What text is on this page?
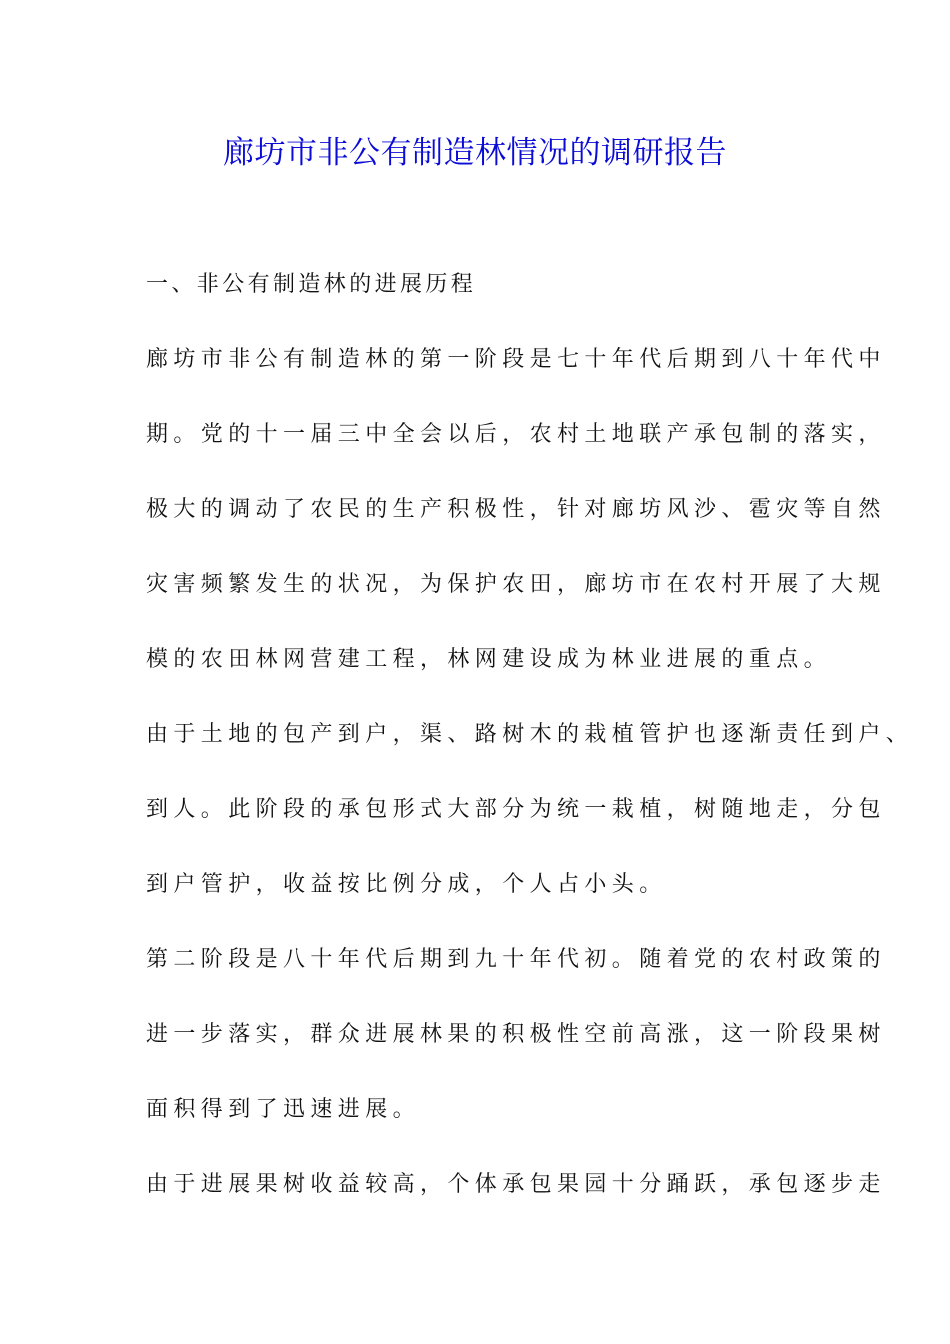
廊坊市非公有制造林情况的调研报告
一、非公有制造林的进展历程
廊坊市非公有制造林的第一阶段是七十年代后期到八十年代中
期。党的十一届三中全会以后，农村土地联产承包制的落实，
极大的调动了农民的生产积极性，针对廊坊风沙、雹灾等自然
灾害频繁发生的状况，为保护农田，廊坊市在农村开展了大规
模的农田林网营建工程，林网建设成为林业进展的重点。
由于土地的包产到户，渠、路树木的栽植管护也逐渐责任到户、
到人。此阶段的承包形式大部分为统一栽植，树随地走，分包
到户管护，收益按比例分成，个人占小头。
第二阶段是八十年代后期到九十年代初。随着党的农村政策的
进一步落实，群众进展林果的积极性空前高涨，这一阶段果树
面积得到了迅速进展。
由于进展果树收益较高，个体承包果园十分踊跃，承包逐步走
